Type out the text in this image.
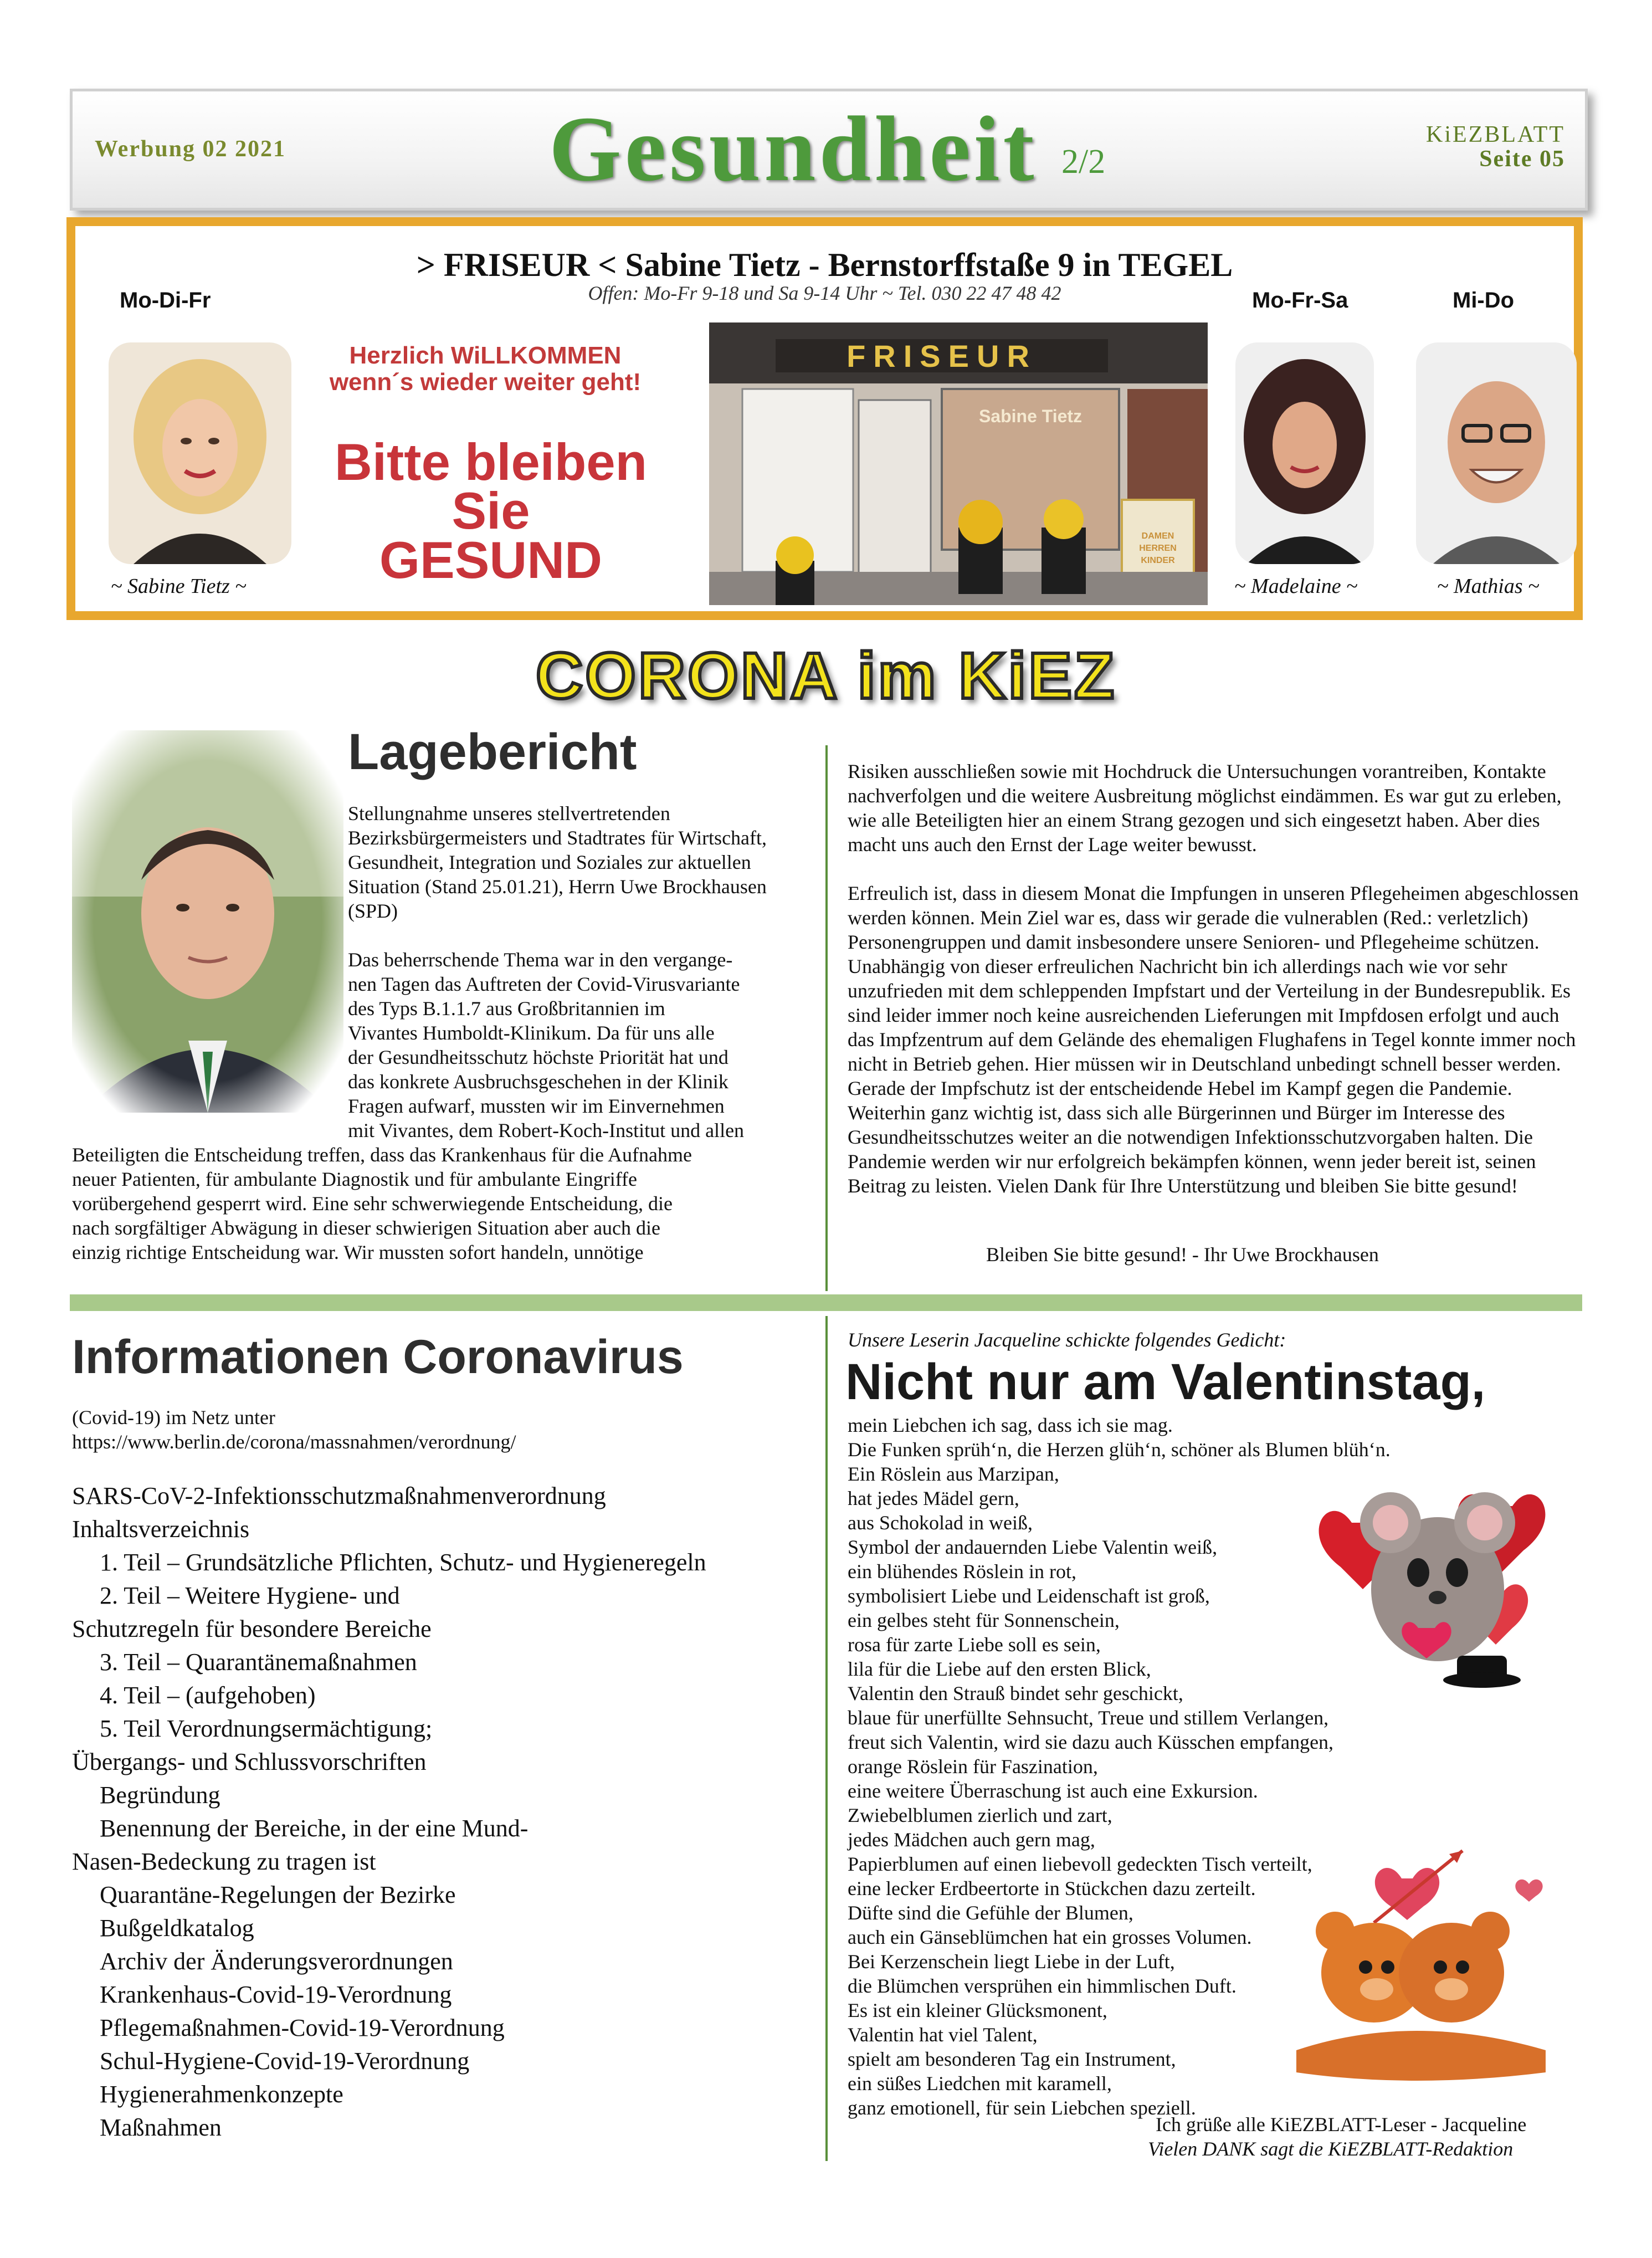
Werbung 02 2021	Gesundheit 2/2
KiEZBLATT
Seite 05
> FRISEUR < Sabine Tietz - Bernstorffstaße 9 in TEGEL
Offen: Mo-Fr 9-18 und Sa 9-14 Uhr ~ Tel. 030 22 47 48 42
Mo-Di-Fr
~ Sabine Tietz ~
Herzlich WiLLKOMMEN wenn´s wieder weiter geht!
Bitte bleiben
Sie
GESUND
FRISEUR
Sabine Tietz
DAMEN
HERREN
KINDER
Mo-Fr-Sa
~ Madelaine ~
Mi-Do
~ Mathias ~
CORONA im KiEZ
Lagebericht
Stellungnahme unseres stellvertretenden Bezirksbürgermeisters und Stadtrates für Wirtschaft, Gesundheit, Integration und Soziales zur aktuellen Situation (Stand 25.01.21), Herrn Uwe Brockhausen (SPD)
Das beherrschende Thema war in den vergange-
nen Tagen das Auftreten der Covid-Virusvariante
des Typs B.1.1.7 aus Großbritannien im
Vivantes Humboldt-Klinikum. Da für uns alle
der Gesundheitsschutz höchste Priorität hat und
das konkrete Ausbruchsgeschehen in der Klinik
Fragen aufwarf, mussten wir im Einvernehmen
mit Vivantes, dem Robert-Koch-Institut und allen
Beteiligten die Entscheidung treffen, dass das Krankenhaus für die Aufnahme
neuer Patienten, für ambulante Diagnostik und für ambulante Eingriffe
vorübergehend gesperrt wird. Eine sehr schwerwiegende Entscheidung, die
nach sorgfältiger Abwägung in dieser schwierigen Situation aber auch die
einzig richtige Entscheidung war. Wir mussten sofort handeln, unnötige
Risiken ausschließen sowie mit Hochdruck die Untersuchungen vorantreiben, Kontakte nachverfolgen und die weitere Ausbreitung möglichst eindämmen. Es war gut zu erleben, wie alle Beteiligten hier an einem Strang gezogen und sich eingesetzt haben. Aber dies macht uns auch den Ernst der Lage weiter bewusst.
Erfreulich ist, dass in diesem Monat die Impfungen in unseren Pflegeheimen abgeschlossen werden können. Mein Ziel war es, dass wir gerade die vulnerablen (Red.: verletzlich) Personengruppen und damit insbesondere unsere Senioren- und Pflegeheime schützen. Unabhängig von dieser erfreulichen Nachricht bin ich allerdings nach wie vor sehr unzufrieden mit dem schleppenden Impfstart und der Verteilung in der Bundesrepublik. Es sind leider immer noch keine ausreichenden Lieferungen mit Impfdosen erfolgt und auch das Impfzentrum auf dem Gelände des ehemaligen Flughafens in Tegel konnte immer noch nicht in Betrieb gehen. Hier müssen wir in Deutschland unbedingt schnell besser werden. Gerade der Impfschutz ist der entscheidende Hebel im Kampf gegen die Pandemie. Weiterhin ganz wichtig ist, dass sich alle Bürgerinnen und Bürger im Interesse des Gesundheitsschutzes weiter an die notwendigen Infektionsschutzvorgaben halten. Die Pandemie werden wir nur erfolgreich bekämpfen können, wenn jeder bereit ist, seinen Beitrag zu leisten. Vielen Dank für Ihre Unterstützung und bleiben Sie bitte gesund!
Bleiben Sie bitte gesund! - Ihr Uwe Brockhausen
Informationen Coronavirus
(Covid-19) im Netz unter
https://www.berlin.de/corona/massnahmen/verordnung/
SARS-CoV-2-Infektionsschutzmaßnahmenverordnung
Inhaltsverzeichnis
1. Teil – Grundsätzliche Pflichten, Schutz- und Hygieneregeln
2. Teil – Weitere Hygiene- und
Schutzregeln für besondere Bereiche
3. Teil – Quarantänemaßnahmen
4. Teil – (aufgehoben)
5. Teil Verordnungsermächtigung;
Übergangs- und Schlussvorschriften
Begründung
Benennung der Bereiche, in der eine Mund-
Nasen-Bedeckung zu tragen ist
Quarantäne-Regelungen der Bezirke
Bußgeldkatalog
Archiv der Änderungsverordnungen
Krankenhaus-Covid-19-Verordnung
Pflegemaßnahmen-Covid-19-Verordnung
Schul-Hygiene-Covid-19-Verordnung
Hygienerahmenkonzepte
Maßnahmen
Unsere Leserin Jacqueline schickte folgendes Gedicht:
Nicht nur am Valentinstag,
mein Liebchen ich sag, dass ich sie mag.
Die Funken sprüh‘n, die Herzen glüh‘n, schöner als Blumen blüh‘n.
Ein Röslein aus Marzipan,
hat jedes Mädel gern,
aus Schokolad in weiß,
Symbol der andauernden Liebe Valentin weiß,
ein blühendes Röslein in rot,
symbolisiert Liebe und Leidenschaft ist groß,
ein gelbes steht für Sonnenschein,
rosa für zarte Liebe soll es sein,
lila für die Liebe auf den ersten Blick,
Valentin den Strauß bindet sehr geschickt,
blaue für unerfüllte Sehnsucht, Treue und stillem Verlangen,
freut sich Valentin, wird sie dazu auch Küsschen empfangen,
orange Röslein für Faszination,
eine weitere Überraschung ist auch eine Exkursion.
Zwiebelblumen zierlich und zart,
jedes Mädchen auch gern mag,
Papierblumen auf einen liebevoll gedeckten Tisch verteilt,
eine lecker Erdbeertorte in Stückchen dazu zerteilt.
Düfte sind die Gefühle der Blumen,
auch ein Gänseblümchen hat ein grosses Volumen.
Bei Kerzenschein liegt Liebe in der Luft,
die Blümchen versprühen ein himmlischen Duft.
Es ist ein kleiner Glücksmonent,
Valentin hat viel Talent,
spielt am besonderen Tag ein Instrument,
ein süßes Liedchen mit karamell,
ganz emotionell, für sein Liebchen speziell.
Ich grüße alle KiEZBLATT-Leser - Jacqueline
Vielen DANK sagt die KiEZBLATT-Redaktion
